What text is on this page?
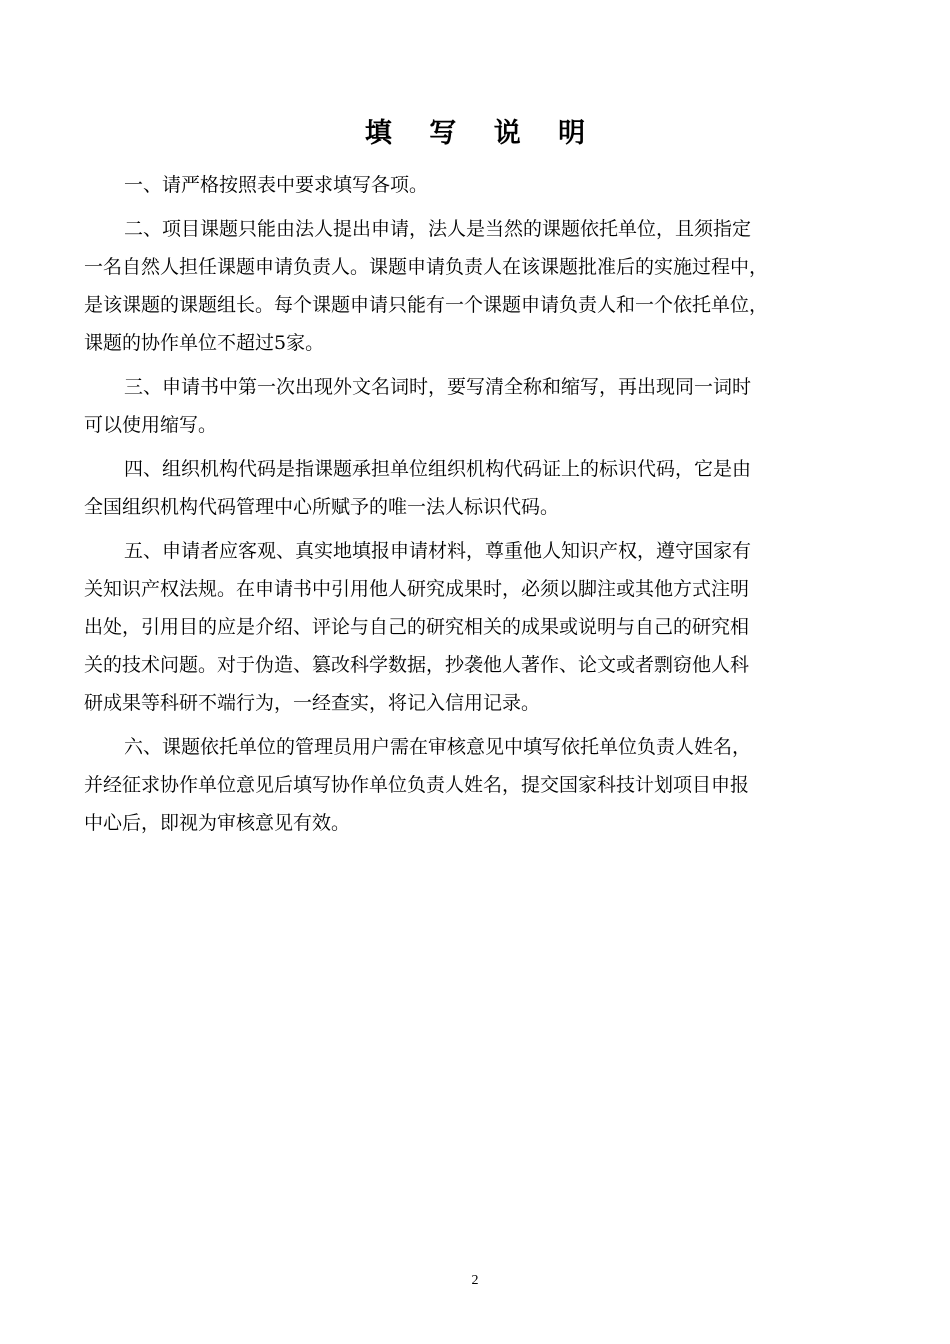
填 写 说 明

一、请严格按照表中要求填写各项。

二、项目课题只能由法人提出申请，法人是当然的课题依托单位，且须指定
一名自然人担任课题申请负责人。课题申请负责人在该课题批准后的实施过程中，
是该课题的课题组长。每个课题申请只能有一个课题申请负责人和一个依托单位，
课题的协作单位不超过5家。

三、申请书中第一次出现外文名词时，要写清全称和缩写，再出现同一词时
可以使用缩写。

四、组织机构代码是指课题承担单位组织机构代码证上的标识代码，它是由
全国组织机构代码管理中心所赋予的唯一法人标识代码。

五、申请者应客观、真实地填报申请材料，尊重他人知识产权，遵守国家有
关知识产权法规。在申请书中引用他人研究成果时，必须以脚注或其他方式注明
出处，引用目的应是介绍、评论与自己的研究相关的成果或说明与自己的研究相
关的技术问题。对于伪造、篡改科学数据，抄袭他人著作、论文或者剽窃他人科
研成果等科研不端行为，一经查实，将记入信用记录。

六、课题依托单位的管理员用户需在审核意见中填写依托单位负责人姓名，
并经征求协作单位意见后填写协作单位负责人姓名，提交国家科技计划项目申报
中心后，即视为审核意见有效。

2
